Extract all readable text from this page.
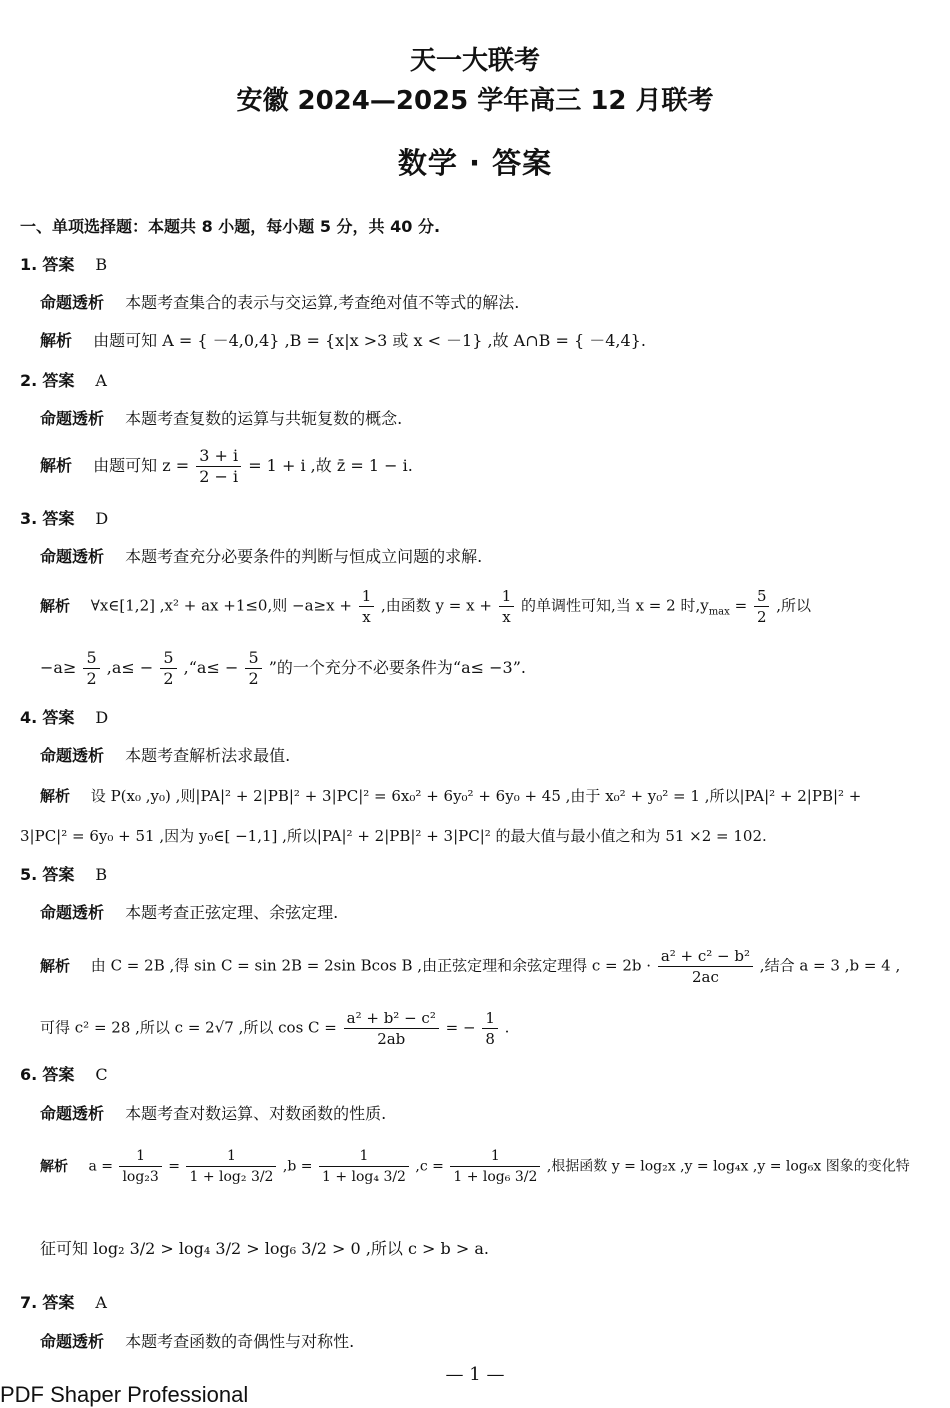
天一大联考
安徽 2024—2025 学年高三 12 月联考
数学 · 答案
一、单项选择题：本题共 8 小题，每小题 5 分，共 40 分.
1. 答案 B
命题透析 本题考查集合的表示与交运算,考查绝对值不等式的解法.
解析 由题可知 A = { －4,0,4} ,B = {x|x >3 或 x < －1} ,故 A∩B = { －4,4}.
2. 答案 A
命题透析 本题考查复数的运算与共轭复数的概念.
解析 由题可知 $z = \frac{3 + i}{2 - i} = 1 + i$ ,故 z̄ = 1 − i.
3. 答案 D
命题透析 本题考查充分必要条件的判断与恒成立问题的求解.
解析 ∀x∈[1,2] ,x² + ax +1≤0,则 $-a\ge x + \frac{1}{x}$ ,由函数 $y = x + \frac{1}{x}$ 的单调性可知,当 x = 2 时$,y_{max} = \frac{5}{2}$ ,所以
$-a\ge \frac{5}{2} ,a\le - \frac{5}{2}$ ,“a≤ − $\frac{5}{2}$ ”的一个充分不必要条件为“a≤ −3”.
4. 答案 D
命题透析 本题考查解析法求最值.
解析 设 P(x₀ ,y₀) ,则|PA|² + 2|PB|² + 3|PC|² = 6x₀² + 6y₀² + 6y₀ + 45 ,由于 x₀² + y₀² = 1 ,所以|PA|² + 2|PB|² +
3|PC|² = 6y₀ + 51 ,因为 y₀∈[ −1,1] ,所以|PA|² + 2|PB|² + 3|PC|² 的最大值与最小值之和为 51 ×2 = 102.
5. 答案 B
命题透析 本题考查正弦定理、余弦定理.
解析 由 C = 2B ,得 sin C = sin 2B = 2sin Bcos B ,由正弦定理和余弦定理得 $c = 2b \cdot \frac{\text{a² + c² − b²}}{2ac}$ ,结合 a = 3 ,b = 4 ,
可得 c² = 28 ,所以 c = 2√7 ,所以 $\cos C = \frac{\text{a² + b² − c²}}{2ab}$ = − $\frac{1}{8}$ .
6. 答案 C
命题透析 本题考查对数运算、对数函数的性质.
解析 $a = \frac{1}{\text{log₂3}} = \frac{1}{\text{1 + log₂ 3/2}} ,b = \frac{1}{\text{1 + log₄ 3/2}} ,c = \frac{1}{\text{1 + log₆ 3/2}}$ ,根据函数 y = log₂x ,y = log₄x ,y = log₆x 图象的变化特
征可知 log₂ 3/2 > log₄ 3/2 > log₆ 3/2 > 0 ,所以 c > b > a.
7. 答案 A
命题透析 本题考查函数的奇偶性与对称性.
— 1 —
PDF Shaper Professional
